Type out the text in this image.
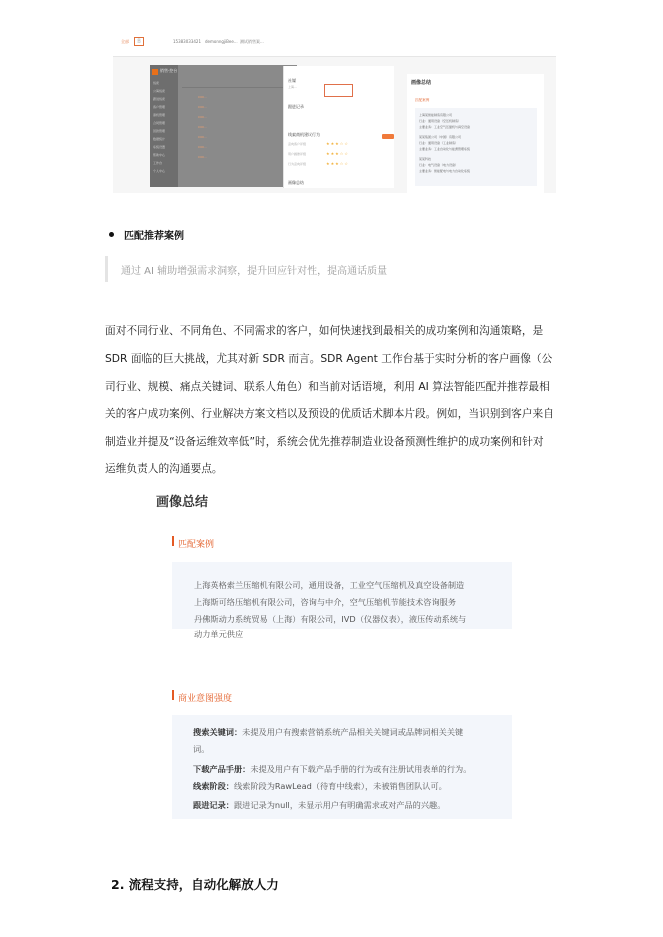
全部	息	15383033421 demonngjiBee... 测试销售案...
销售·控台
线索
公海线索
跟进线索
客户管理
商机管理
合同管理
回款管理
数据统计
系统设置
帮助中心
工作台
个人中心
C00...
C00...
C00...
C00...
C00...
C00...
C00...
社媒
上海...
跟进记录
线索商机建议行为
意向客户评级	★★★☆☆
用户画像评级	★★★☆☆
行为意向评级	★★★☆☆
画像总结
画像总结
匹配案例
上海某智能制造有限公司
行业：通用设备（空压机制造）
主要业务：工业空气压缩机与真空设备
某某集团公司（中国）有限公司
行业：通用设备（工业制造）
主要业务：工业自动化与能源管理系统
某某科技
行业：电气设备（电力设备）
主要业务：智能配电与电力自动化系统
匹配推荐案例
通过 AI 辅助增强需求洞察，提升回应针对性，提高通话质量
面对不同行业、不同角色、不同需求的客户，如何快速找到最相关的成功案例和沟通策略，是
SDR 面临的巨大挑战，尤其对新 SDR 而言。SDR Agent 工作台基于实时分析的客户画像（公
司行业、规模、痛点关键词、联系人角色）和当前对话语境，利用 AI 算法智能匹配并推荐最相
关的客户成功案例、行业解决方案文档以及预设的优质话术脚本片段。例如，当识别到客户来自
制造业并提及“设备运维效率低”时，系统会优先推荐制造业设备预测性维护的成功案例和针对
运维负责人的沟通要点。
画像总结
匹配案例
上海英格索兰压缩机有限公司，通用设备，工业空气压缩机及真空设备制造
上海斯可络压缩机有限公司，咨询与中介，空气压缩机节能技术咨询服务
丹佛斯动力系统贸易（上海）有限公司，IVD（仪器仪表），液压传动系统与
动力单元供应
商业意图强度
搜索关键词：未提及用户有搜索营销系统产品相关关键词或品牌词相关关键
词。
下载产品手册：未提及用户有下载产品手册的行为或有注册试用表单的行为。
线索阶段：线索阶段为RawLead（待育中线索），未被销售团队认可。
跟进记录：跟进记录为null，未显示用户有明确需求或对产品的兴趣。
2. 流程支持，自动化解放人力
